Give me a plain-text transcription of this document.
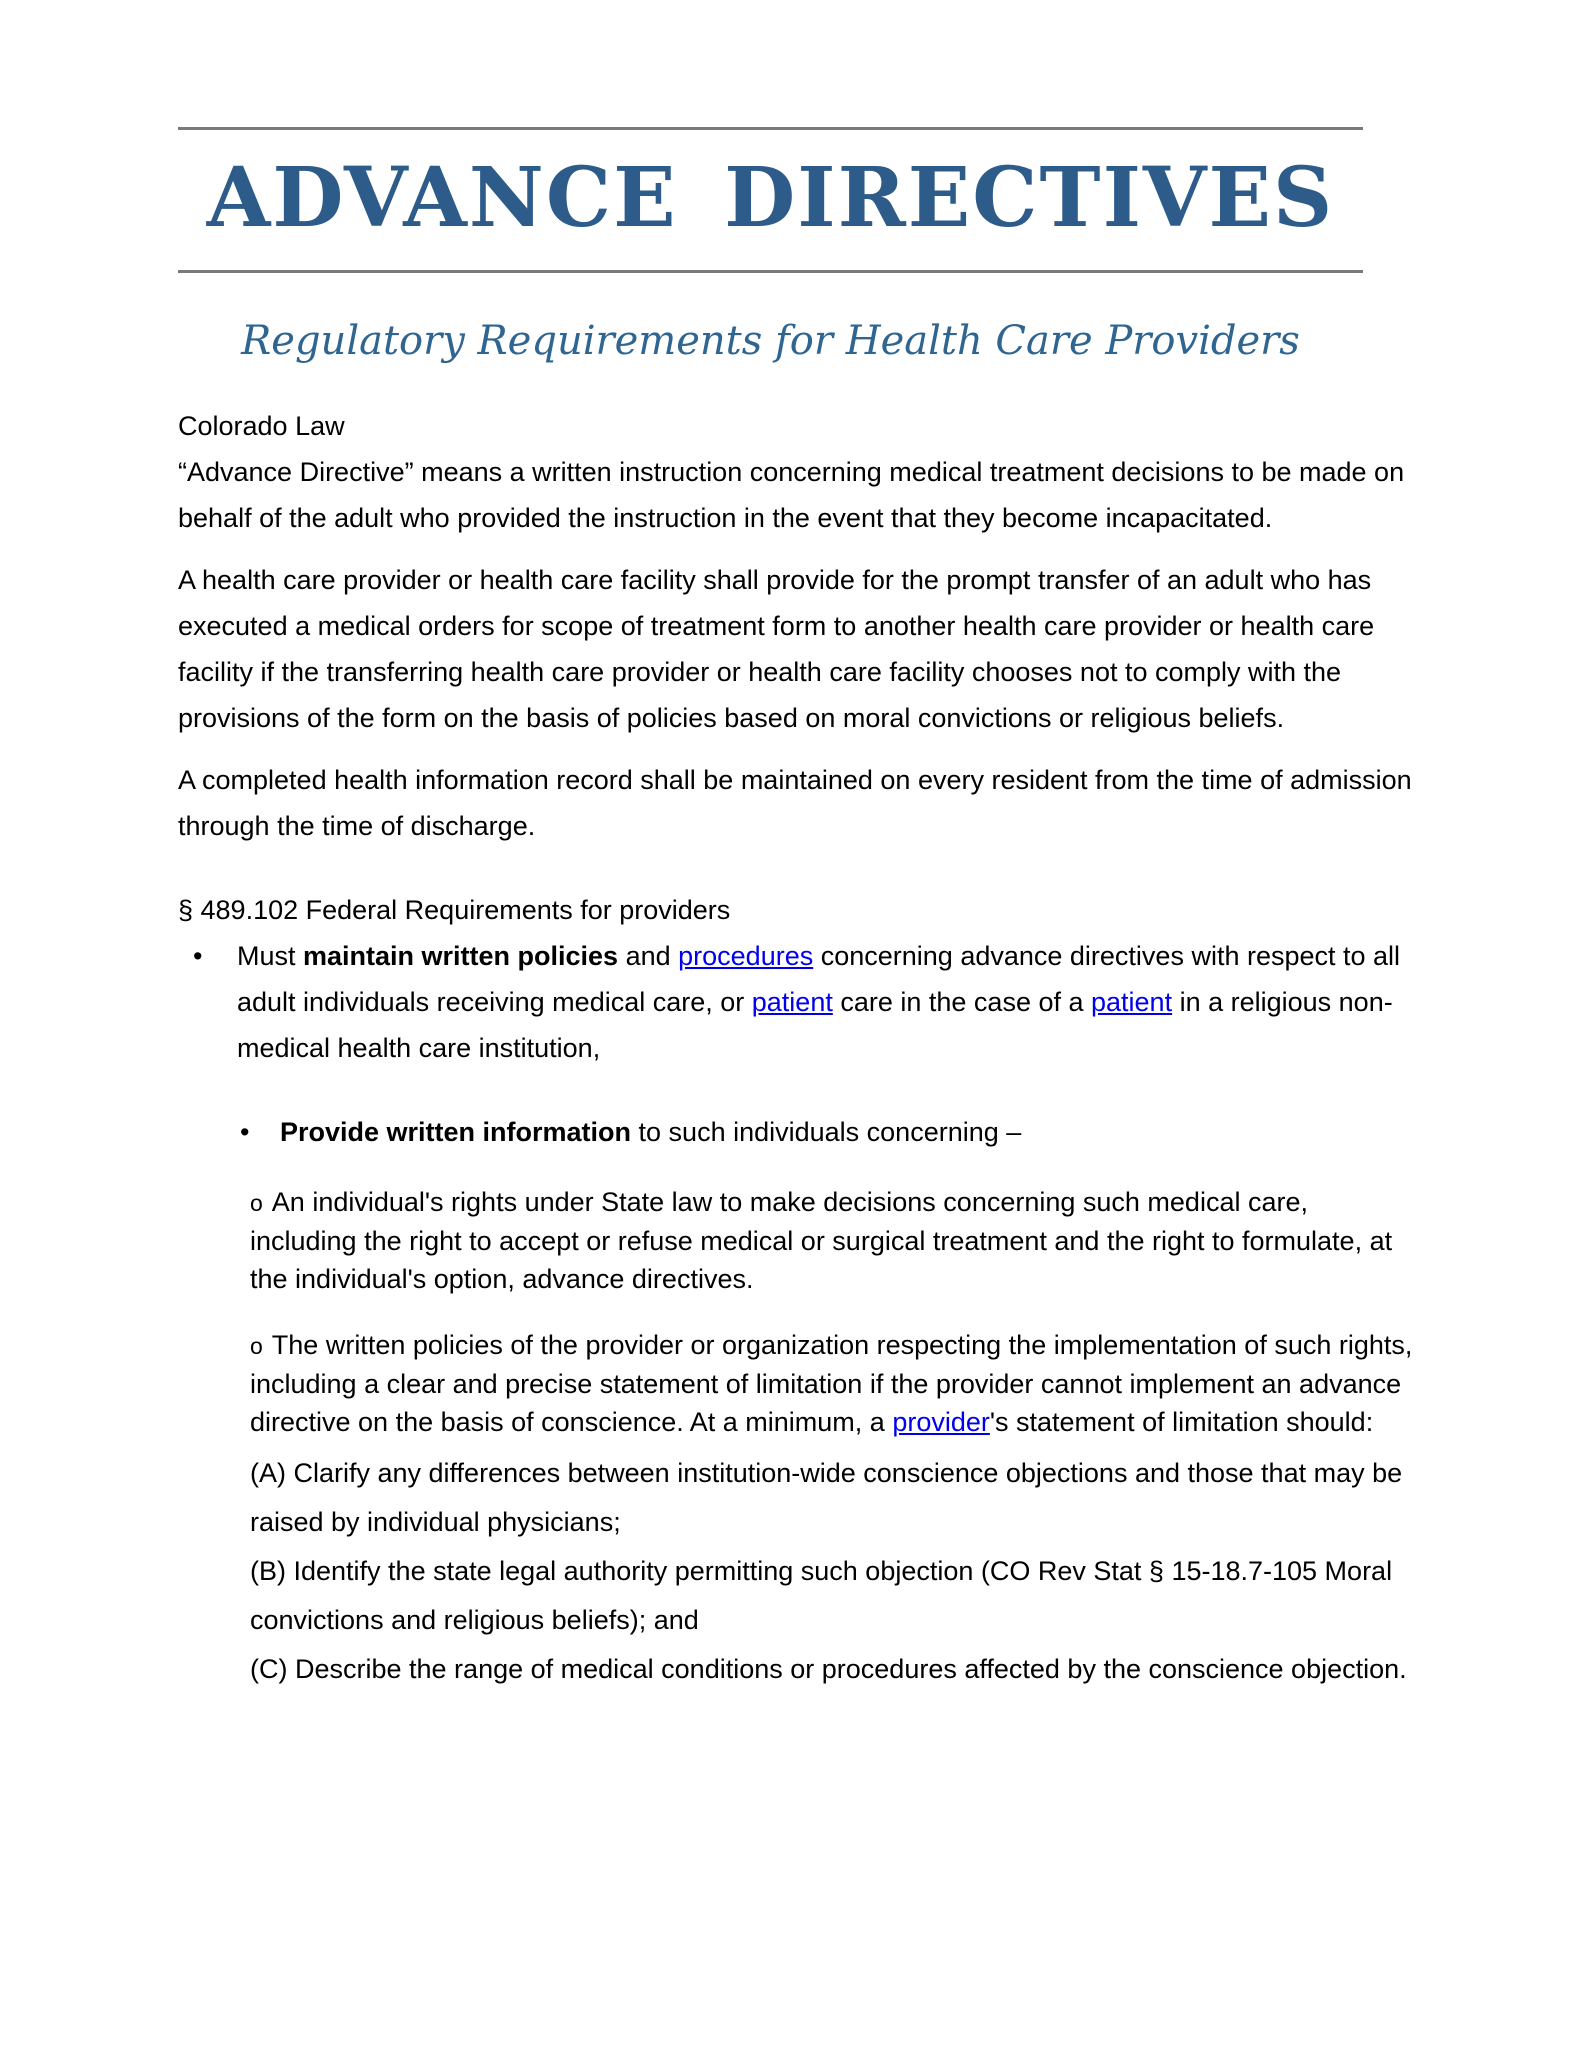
ADVANCE DIRECTIVES
Regulatory Requirements for Health Care Providers

Colorado Law

“Advance Directive” means a written instruction concerning medical treatment decisions to be made on behalf of the adult who provided the instruction in the event that they become incapacitated.

A health care provider or health care facility shall provide for the prompt transfer of an adult who has executed a medical orders for scope of treatment form to another health care provider or health care facility if the transferring health care provider or health care facility chooses not to comply with the provisions of the form on the basis of policies based on moral convictions or religious beliefs.

A completed health information record shall be maintained on every resident from the time of admission through the time of discharge.

§ 489.102 Federal Requirements for providers

•	Must maintain written policies and procedures concerning advance directives with respect to all adult individuals receiving medical care, or patient care in the case of a patient in a religious non-medical health care institution,
•	Provide written information to such individuals concerning –
o An individual's rights under State law to make decisions concerning such medical care, including the right to accept or refuse medical or surgical treatment and the right to formulate, at the individual's option, advance directives.
o The written policies of the provider or organization respecting the implementation of such rights, including a clear and precise statement of limitation if the provider cannot implement an advance directive on the basis of conscience. At a minimum, a provider's statement of limitation should:
(A) Clarify any differences between institution-wide conscience objections and those that may be raised by individual physicians;
(B) Identify the state legal authority permitting such objection (CO Rev Stat § 15-18.7-105 Moral convictions and religious beliefs); and
(C) Describe the range of medical conditions or procedures affected by the conscience objection.
